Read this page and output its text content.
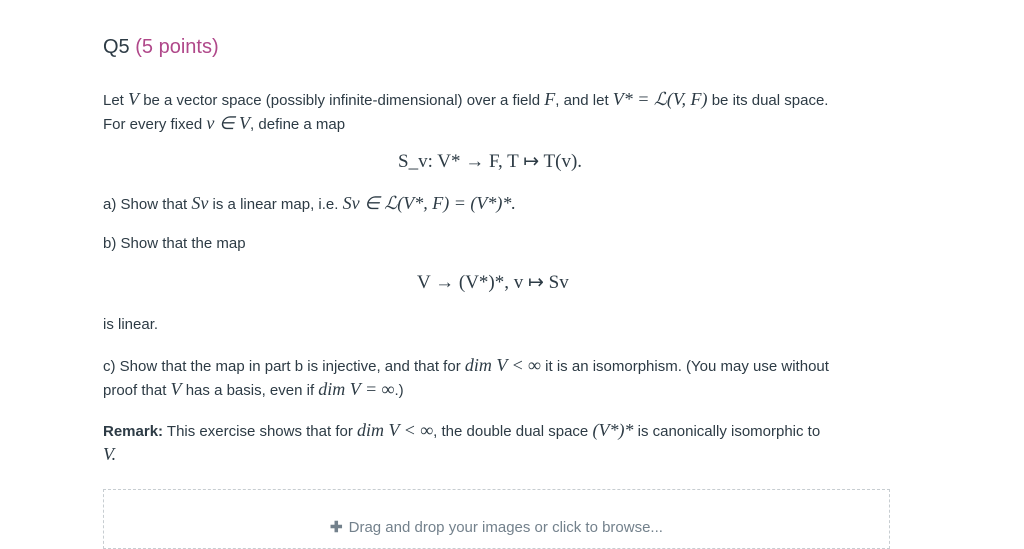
Q5 (5 points)
Let V be a vector space (possibly infinite-dimensional) over a field F, and let V* = ℒ(V, F) be its dual space.
For every fixed v ∈ V, define a map
S_v: V* → F, T ↦ T(v).
a) Show that Sv is a linear map, i.e. Sv ∈ ℒ(V*, F) = (V*)*.
b) Show that the map
V → (V*)*, v ↦ Sv
is linear.
c) Show that the map in part b is injective, and that for dim V < ∞ it is an isomorphism. (You may use without
proof that V has a basis, even if dim V = ∞.)
Remark: This exercise shows that for dim V < ∞, the double dual space (V*)* is canonically isomorphic to
V.
✚ Drag and drop your images or click to browse...
